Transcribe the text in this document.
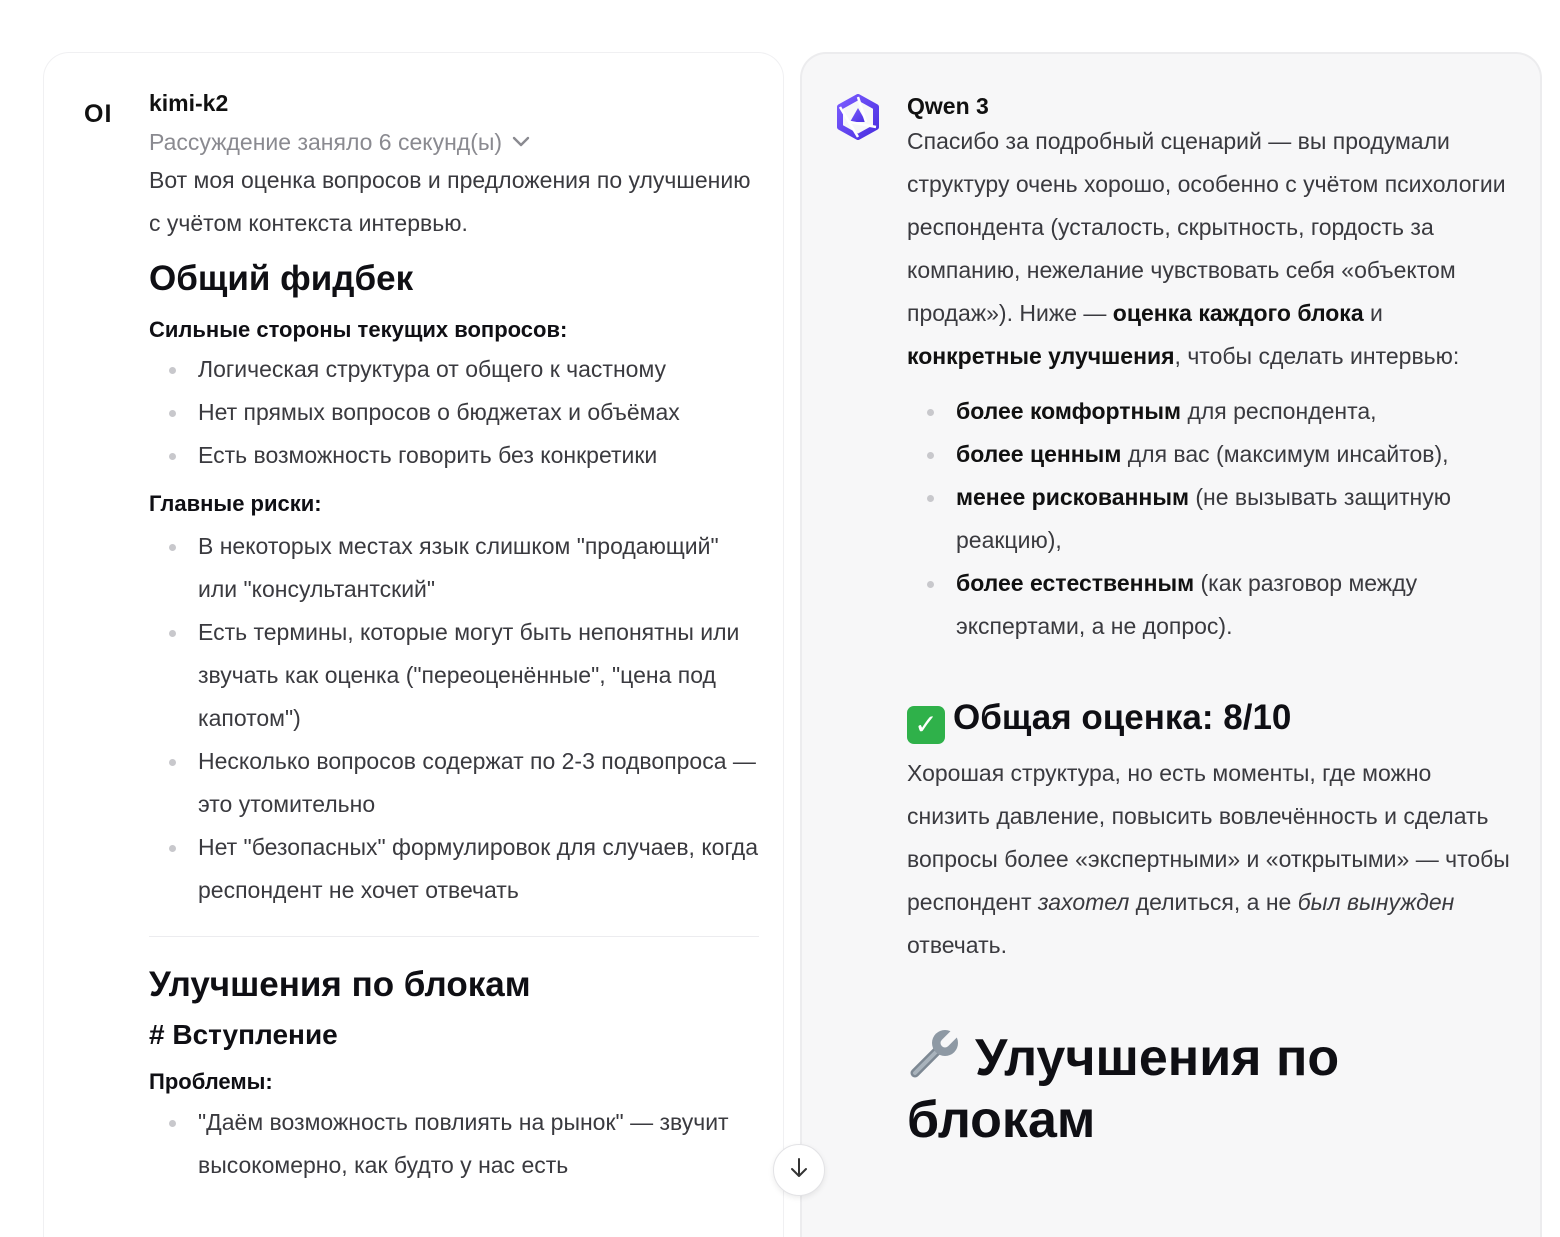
OI kimi-k2
Рассуждение заняло 6 секунд(ы)

Вот моя оценка вопросов и предложения по улучшению с учётом контекста интервью.

Общий фидбек
Сильные стороны текущих вопросов:
Логическая структура от общего к частному
Нет прямых вопросов о бюджетах и объёмах
Есть возможность говорить без конкретики
Главные риски:
В некоторых местах язык слишком "продающий" или "консультантский"
Есть термины, которые могут быть непонятны или звучать как оценка ("переоценённые", "цена под капотом")
Несколько вопросов содержат по 2-3 подвопроса — это утомительно
Нет "безопасных" формулировок для случаев, когда респондент не хочет отвечать
Улучшения по блокам
# Вступление
Проблемы:
"Даём возможность повлиять на рынок" — звучит высокомерно, как будто у нас есть
Qwen 3

Спасибо за подробный сценарий — вы продумали структуру очень хорошо, особенно с учётом психологии респондента (усталость, скрытность, гордость за компанию, нежелание чувствовать себя «объектом продаж»). Ниже — оценка каждого блока и конкретные улучшения, чтобы сделать интервью:

более комфортным для респондента,
более ценным для вас (максимум инсайтов),
менее рискованным (не вызывать защитную реакцию),
более естественным (как разговор между экспертами, а не допрос).
✓ Общая оценка: 8/10

Хорошая структура, но есть моменты, где можно снизить давление, повысить вовлечённость и сделать вопросы более «экспертными» и «открытыми» — чтобы респондент захотел делиться, а не был вынужден отвечать.

Улучшения по блокам
